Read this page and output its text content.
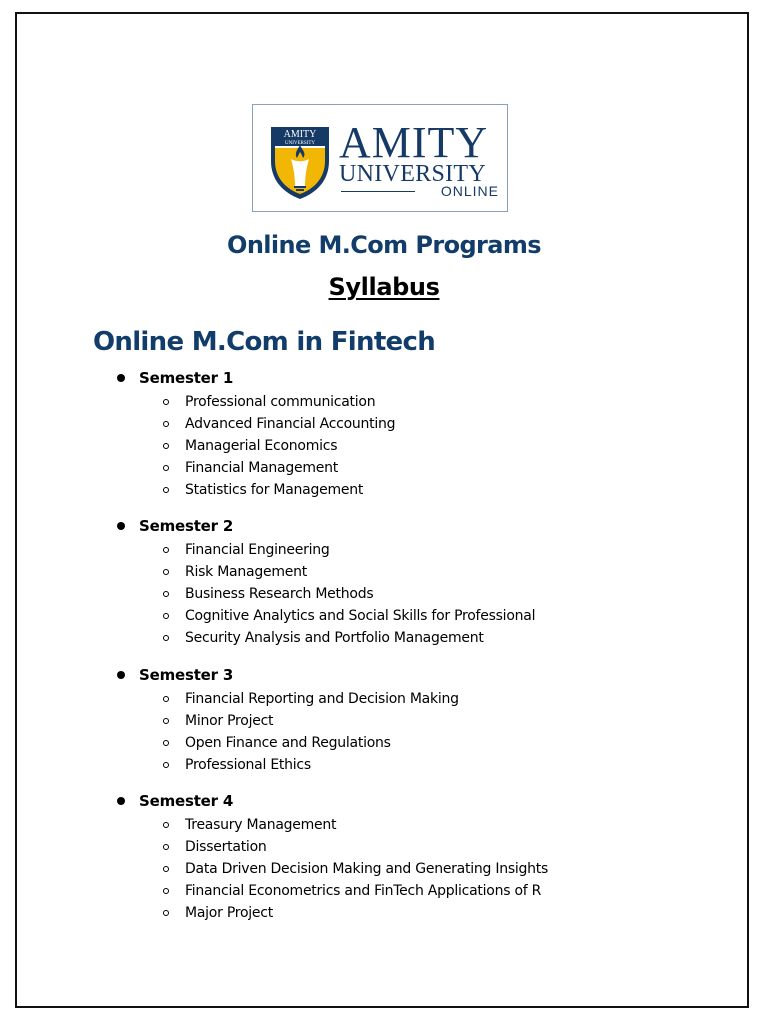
AMITY
UNIVERSITY AMITY
UNIVERSITY
ONLINE
Online M.Com Programs
Syllabus
Online M.Com in Fintech
Semester 1
Professional communication
Advanced Financial Accounting
Managerial Economics
Financial Management
Statistics for Management
Semester 2
Financial Engineering
Risk Management
Business Research Methods
Cognitive Analytics and Social Skills for Professional
Security Analysis and Portfolio Management
Semester 3
Financial Reporting and Decision Making
Minor Project
Open Finance and Regulations
Professional Ethics
Semester 4
Treasury Management
Dissertation
Data Driven Decision Making and Generating Insights
Financial Econometrics and FinTech Applications of R
Major Project
